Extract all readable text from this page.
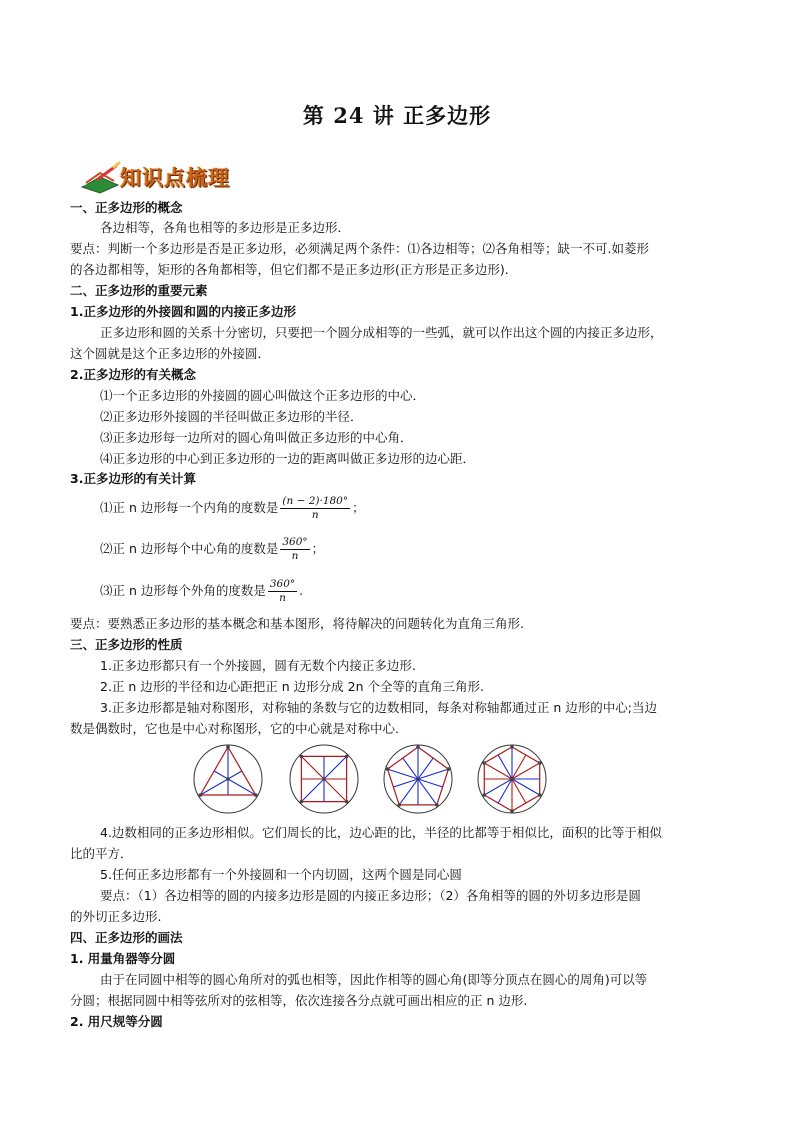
第 24 讲 正多边形
知识点梳理
一、正多边形的概念
各边相等，各角也相等的多边形是正多边形．
要点：判断一个多边形是否是正多边形，必须满足两个条件：⑴各边相等；⑵各角相等；缺一不可.如菱形
的各边都相等，矩形的各角都相等，但它们都不是正多边形(正方形是正多边形).
二、正多边形的重要元素
1.正多边形的外接圆和圆的内接正多边形
正多边形和圆的关系十分密切，只要把一个圆分成相等的一些弧，就可以作出这个圆的内接正多边形，
这个圆就是这个正多边形的外接圆．
2.正多边形的有关概念
⑴一个正多边形的外接圆的圆心叫做这个正多边形的中心．
⑵正多边形外接圆的半径叫做正多边形的半径．
⑶正多边形每一边所对的圆心角叫做正多边形的中心角．
⑷正多边形的中心到正多边形的一边的距离叫做正多边形的边心距．
3.正多边形的有关计算
⑴正 n 边形每一个内角的度数是 $\frac{(n - 2)\cdot 180^\circ}{n}$ ；
⑵正 n 边形每个中心角的度数是 $\frac{360^\circ}{n}$ ；
⑶正 n 边形每个外角的度数是 $\frac{360^\circ}{n}$ .
要点：要熟悉正多边形的基本概念和基本图形，将待解决的问题转化为直角三角形.
三、正多边形的性质
1.正多边形都只有一个外接圆，圆有无数个内接正多边形.
2.正 n 边形的半径和边心距把正 n 边形分成 2n 个全等的直角三角形.
3.正多边形都是轴对称图形，对称轴的条数与它的边数相同，每条对称轴都通过正 n 边形的中心;当边
数是偶数时，它也是中心对称图形，它的中心就是对称中心.
4.边数相同的正多边形相似。它们周长的比，边心距的比，半径的比都等于相似比，面积的比等于相似
比的平方．
5.任何正多边形都有一个外接圆和一个内切圆，这两个圆是同心圆
要点：（1）各边相等的圆的内接多边形是圆的内接正多边形；（2）各角相等的圆的外切多边形是圆
的外切正多边形.
四、正多边形的画法
1. 用量角器等分圆
由于在同圆中相等的圆心角所对的弧也相等，因此作相等的圆心角(即等分顶点在圆心的周角)可以等
分圆；根据同圆中相等弦所对的弦相等，依次连接各分点就可画出相应的正 n 边形.
2. 用尺规等分圆
